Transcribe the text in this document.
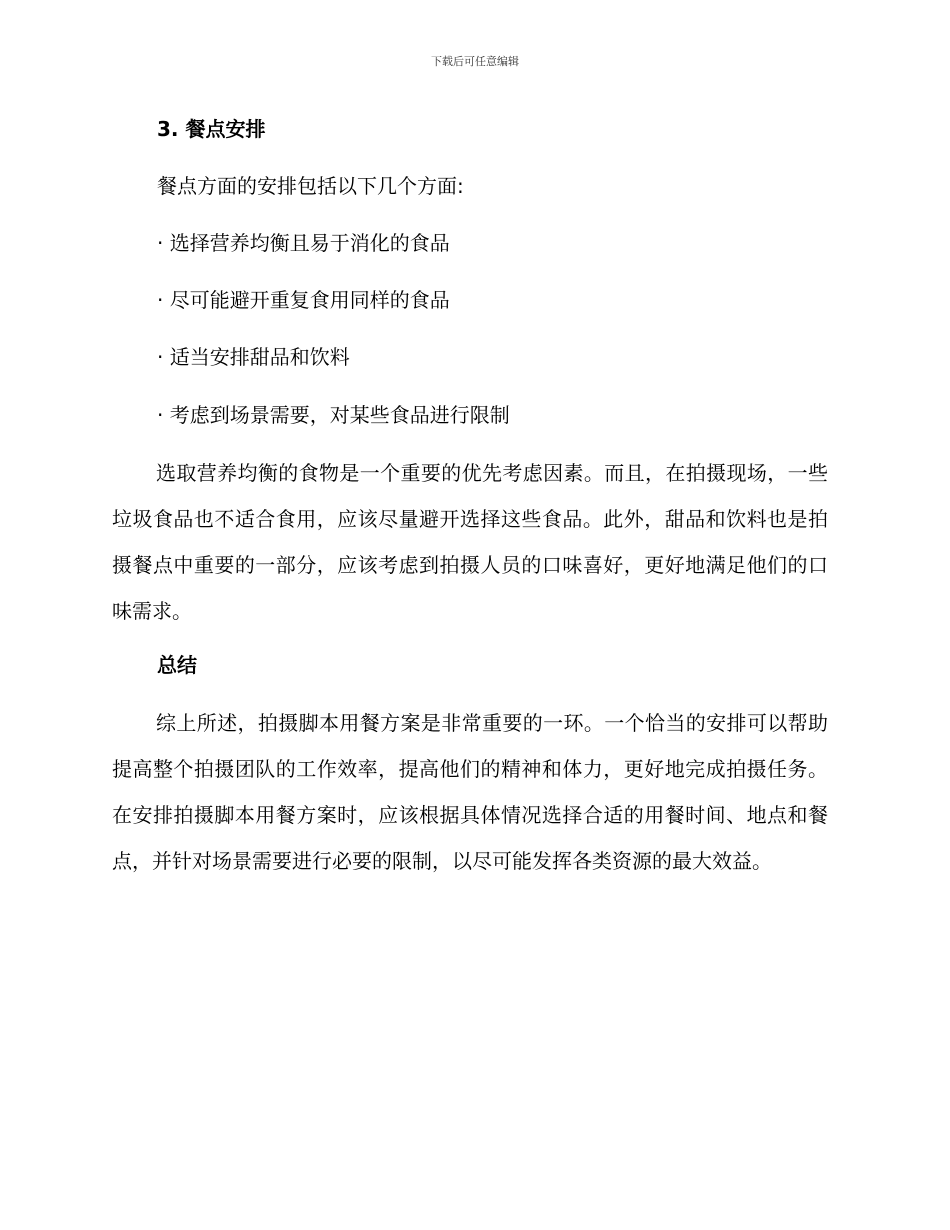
下载后可任意编辑
3. 餐点安排
餐点方面的安排包括以下几个方面:
· 选择营养均衡且易于消化的食品
· 尽可能避开重复食用同样的食品
· 适当安排甜品和饮料
· 考虑到场景需要，对某些食品进行限制
选取营养均衡的食物是一个重要的优先考虑因素。而且，在拍摄现场，一些垃圾食品也不适合食用，应该尽量避开选择这些食品。此外，甜品和饮料也是拍摄餐点中重要的一部分，应该考虑到拍摄人员的口味喜好，更好地满足他们的口味需求。
总结
综上所述，拍摄脚本用餐方案是非常重要的一环。一个恰当的安排可以帮助提高整个拍摄团队的工作效率，提高他们的精神和体力，更好地完成拍摄任务。在安排拍摄脚本用餐方案时，应该根据具体情况选择合适的用餐时间、地点和餐点，并针对场景需要进行必要的限制，以尽可能发挥各类资源的最大效益。
